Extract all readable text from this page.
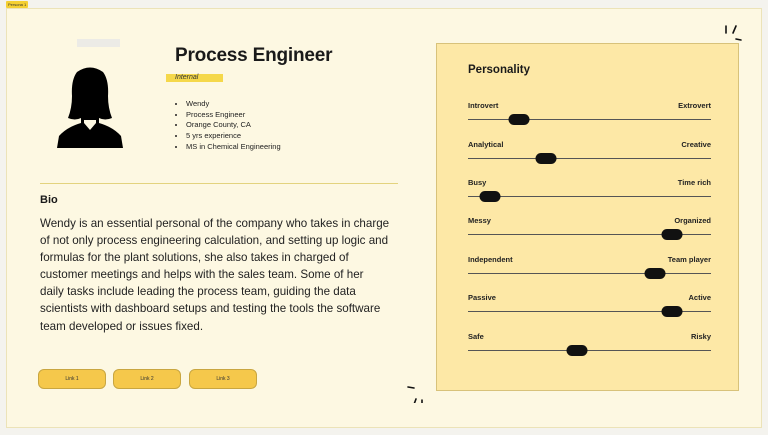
Persona 1
Process Engineer
Internal
• Wendy
• Process Engineer
• Orange County, CA
• 5 yrs experience
• MS in Chemical Engineering
Bio

Wendy is an essential personal of the company who takes in charge of not only process engineering calculation, and setting up logic and formulas for the plant solutions, she also takes in charged of customer meetings and helps with the sales team. Some of her daily tasks include leading the process team, guiding the data scientists with dashboard setups and testing the tools the software team developed or issues fixed.

Link 1	Link 2	Link 3
Personality
Introvert	Extrovert
Analytical	Creative
Busy	Time rich
Messy	Organized
Independent	Team player
Passive	Active
Safe	Risky
